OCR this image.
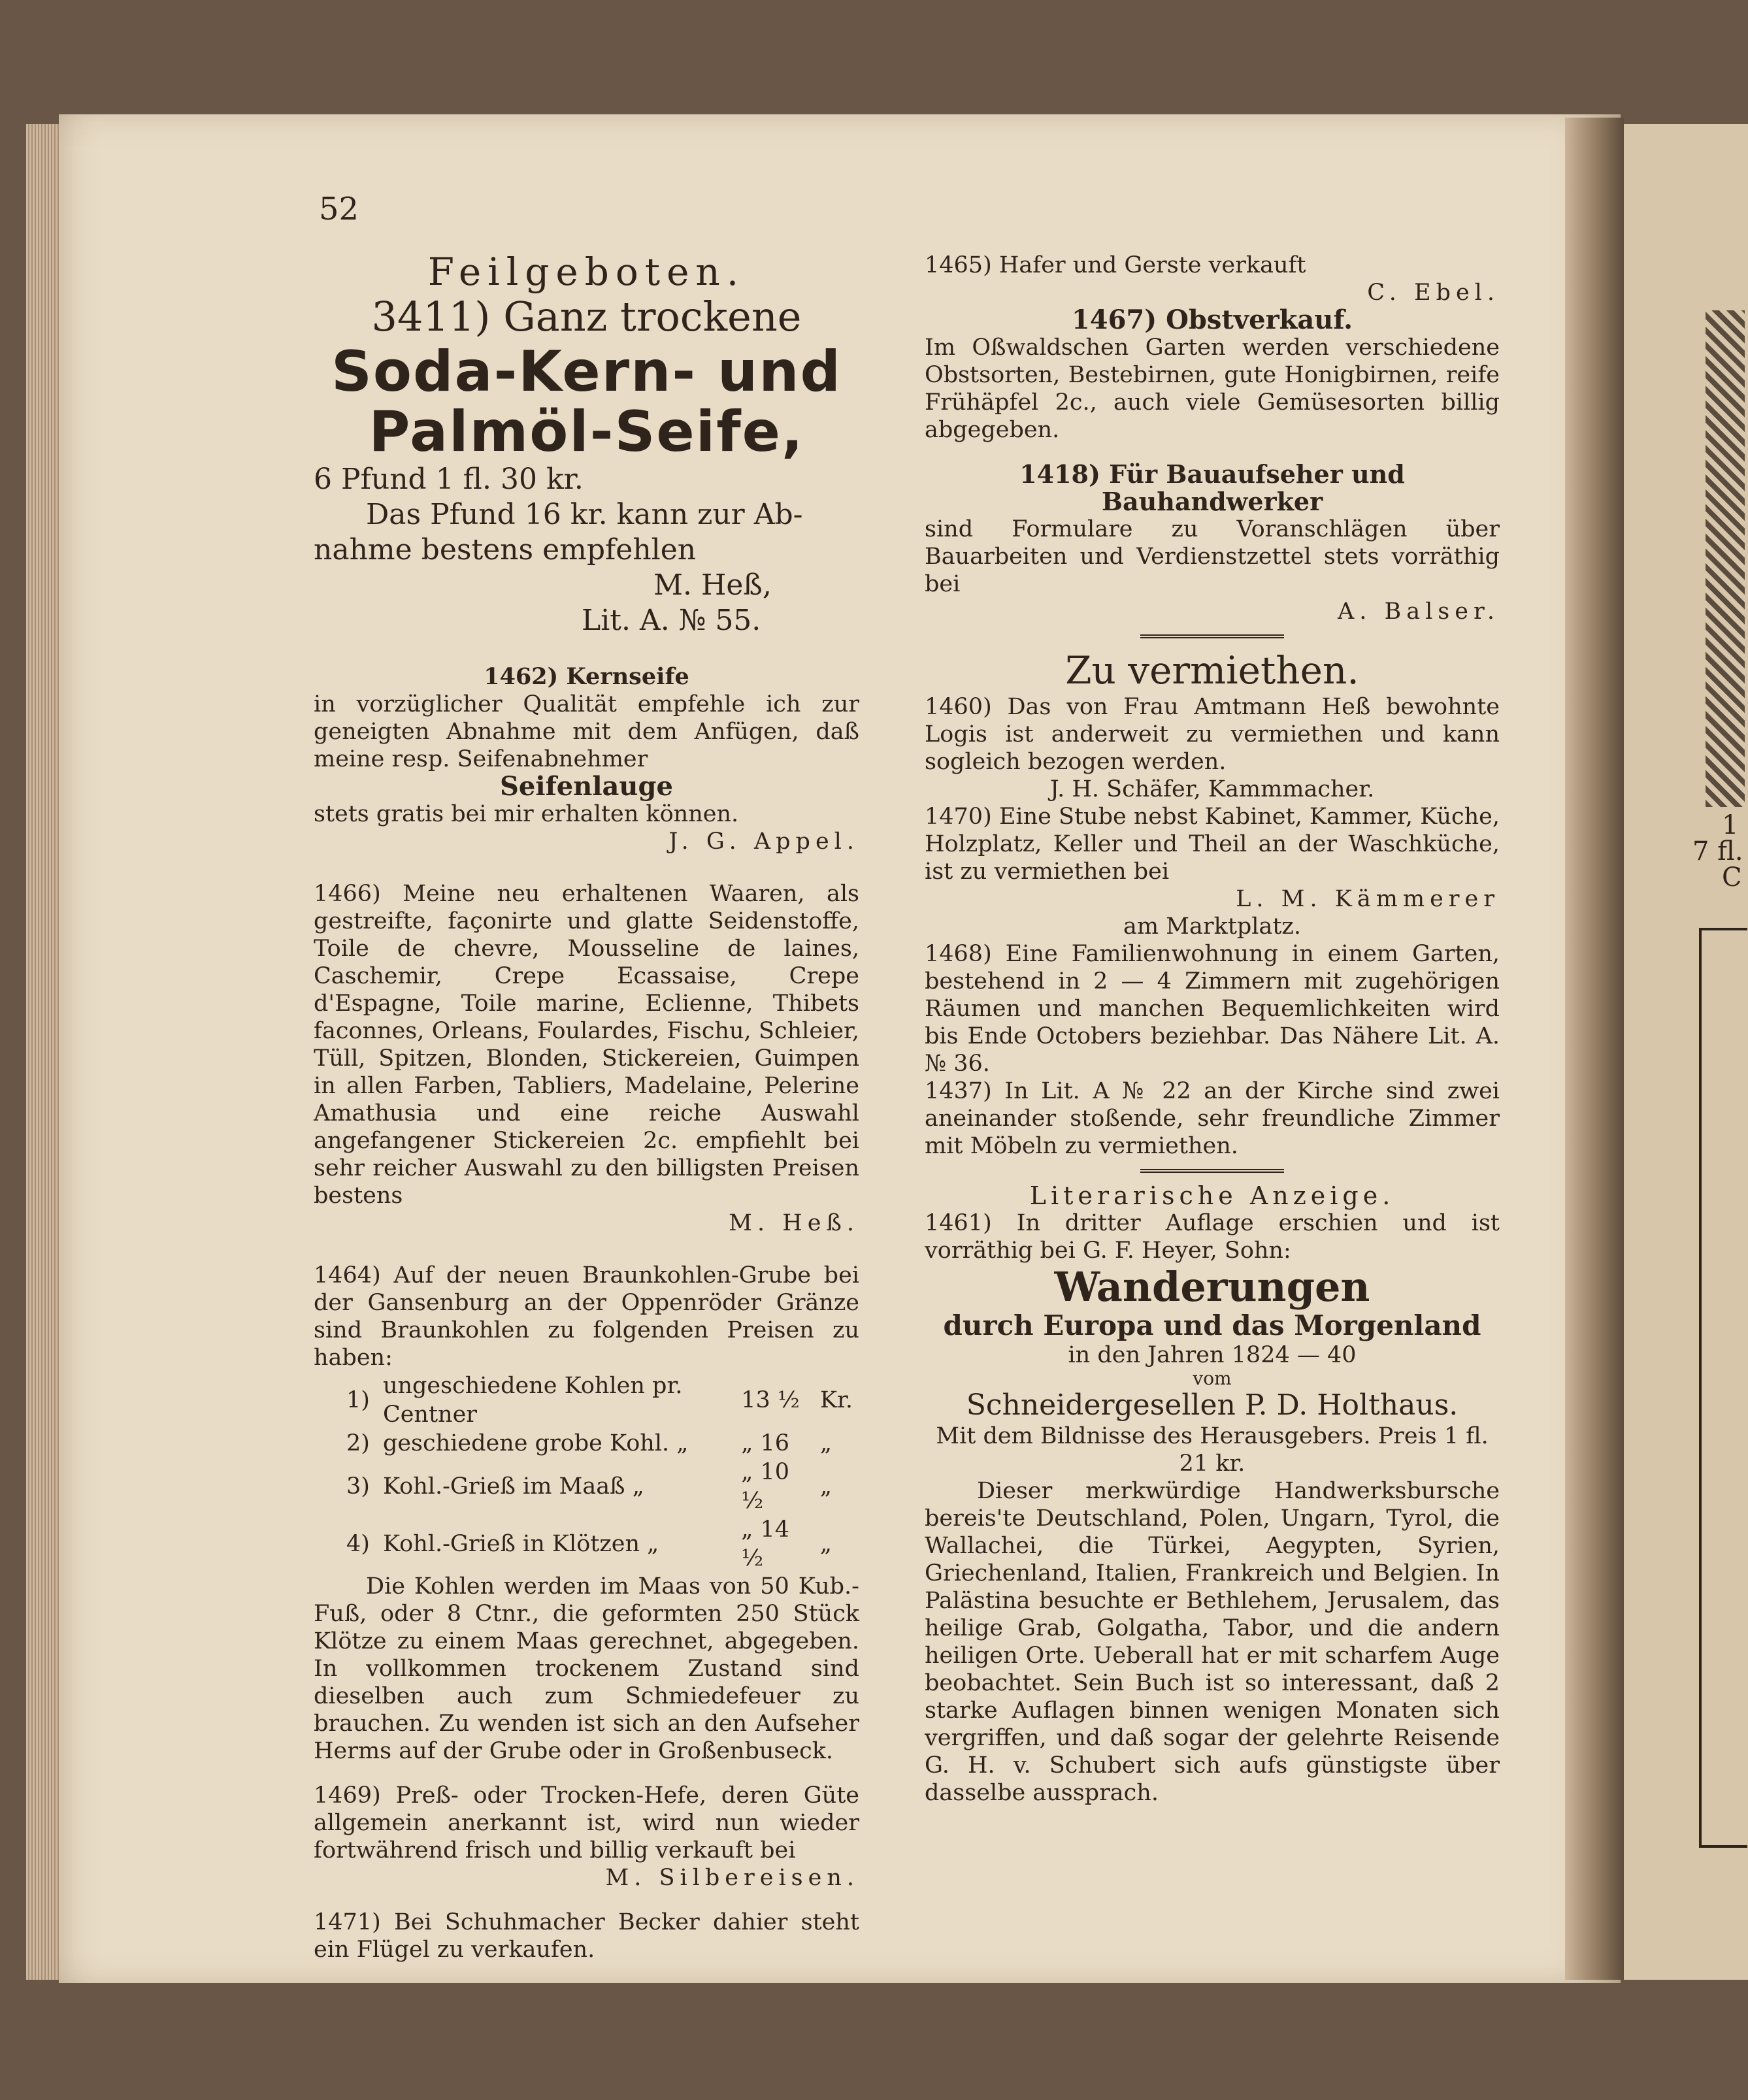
1
7 fl.
C
52

Feilgeboten.

3411) Ganz trockene

Soda-Kern- und

Palmöl-Seife,

6 Pfund 1 fl. 30 kr.

Das Pfund 16 kr. kann zur Ab-

nahme bestens empfehlen

M. Heß,

Lit. A. № 55.

1462) Kernseife

in vorzüglicher Qualität empfehle ich zur geneigten Abnahme mit dem Anfügen, daß meine resp. Seifenabnehmer

Seifenlauge

stets gratis bei mir erhalten können.

J. G. Appel.

1466) Meine neu erhaltenen Waaren, als gestreifte, façonirte und glatte Seidenstoffe, Toile de chevre, Mousseline de laines, Caschemir, Crepe Ecassaise, Crepe d'Espagne, Toile marine, Eclienne, Thibets faconnes, Orleans, Foulardes, Fischu, Schleier, Tüll, Spitzen, Blonden, Stickereien, Guimpen in allen Farben, Tabliers, Madelaine, Pelerine Amathusia und eine reiche Auswahl angefangener Stickereien 2c. empfiehlt bei sehr reicher Auswahl zu den billigsten Preisen bestens

M. Heß.

1464) Auf der neuen Braunkohlen-Grube bei der Gansenburg an der Oppenröder Gränze sind Braunkohlen zu folgenden Preisen zu haben:

1)	ungeschiedene Kohlen pr. Centner	13 ½	Kr.
2)	geschiedene grobe Kohl. „	„ 16	„
3)	Kohl.-Grieß im Maaß „	„ 10 ½	„
4)	Kohl.-Grieß in Klötzen „	„ 14 ½	„

Die Kohlen werden im Maas von 50 Kub.-Fuß, oder 8 Ctnr., die geformten 250 Stück Klötze zu einem Maas gerechnet, abgegeben. In vollkommen trockenem Zustand sind dieselben auch zum Schmiedefeuer zu brauchen. Zu wenden ist sich an den Aufseher Herms auf der Grube oder in Großenbuseck.

1469) Preß- oder Trocken-Hefe, deren Güte allgemein anerkannt ist, wird nun wieder fortwährend frisch und billig verkauft bei

M. Silbereisen.

1471) Bei Schuhmacher Becker dahier steht ein Flügel zu verkaufen.

1465) Hafer und Gerste verkauft

C. Ebel.

1467) Obstverkauf.

Im Oßwaldschen Garten werden verschiedene Obstsorten, Bestebirnen, gute Honigbirnen, reife Frühäpfel 2c., auch viele Gemüsesorten billig abgegeben.

1418) Für Bauaufseher und Bauhandwerker

sind Formulare zu Voranschlägen über Bauarbeiten und Verdienstzettel stets vorräthig bei

A. Balser.

Zu vermiethen.

1460) Das von Frau Amtmann Heß bewohnte Logis ist anderweit zu vermiethen und kann sogleich bezogen werden.

J. H. Schäfer, Kammmacher.

1470) Eine Stube nebst Kabinet, Kammer, Küche, Holzplatz, Keller und Theil an der Waschküche, ist zu vermiethen bei

L. M. Kämmerer

am Marktplatz.

1468) Eine Familienwohnung in einem Garten, bestehend in 2 — 4 Zimmern mit zugehörigen Räumen und manchen Bequemlichkeiten wird bis Ende Octobers beziehbar. Das Nähere Lit. A. № 36.

1437) In Lit. A № 22 an der Kirche sind zwei aneinander stoßende, sehr freundliche Zimmer mit Möbeln zu vermiethen.

Literarische Anzeige.

1461) In dritter Auflage erschien und ist vorräthig bei G. F. Heyer, Sohn:

Wanderungen

durch Europa und das Morgenland

in den Jahren 1824 — 40

vom

Schneidergesellen P. D. Holthaus.

Mit dem Bildnisse des Herausgebers. Preis 1 fl. 21 kr.

Dieser merkwürdige Handwerksbursche bereis'te Deutschland, Polen, Ungarn, Tyrol, die Wallachei, die Türkei, Aegypten, Syrien, Griechenland, Italien, Frankreich und Belgien. In Palästina besuchte er Bethlehem, Jerusalem, das heilige Grab, Golgatha, Tabor, und die andern heiligen Orte. Ueberall hat er mit scharfem Auge beobachtet. Sein Buch ist so interessant, daß 2 starke Auflagen binnen wenigen Monaten sich vergriffen, und daß sogar der gelehrte Reisende G. H. v. Schubert sich aufs günstigste über dasselbe aussprach.
